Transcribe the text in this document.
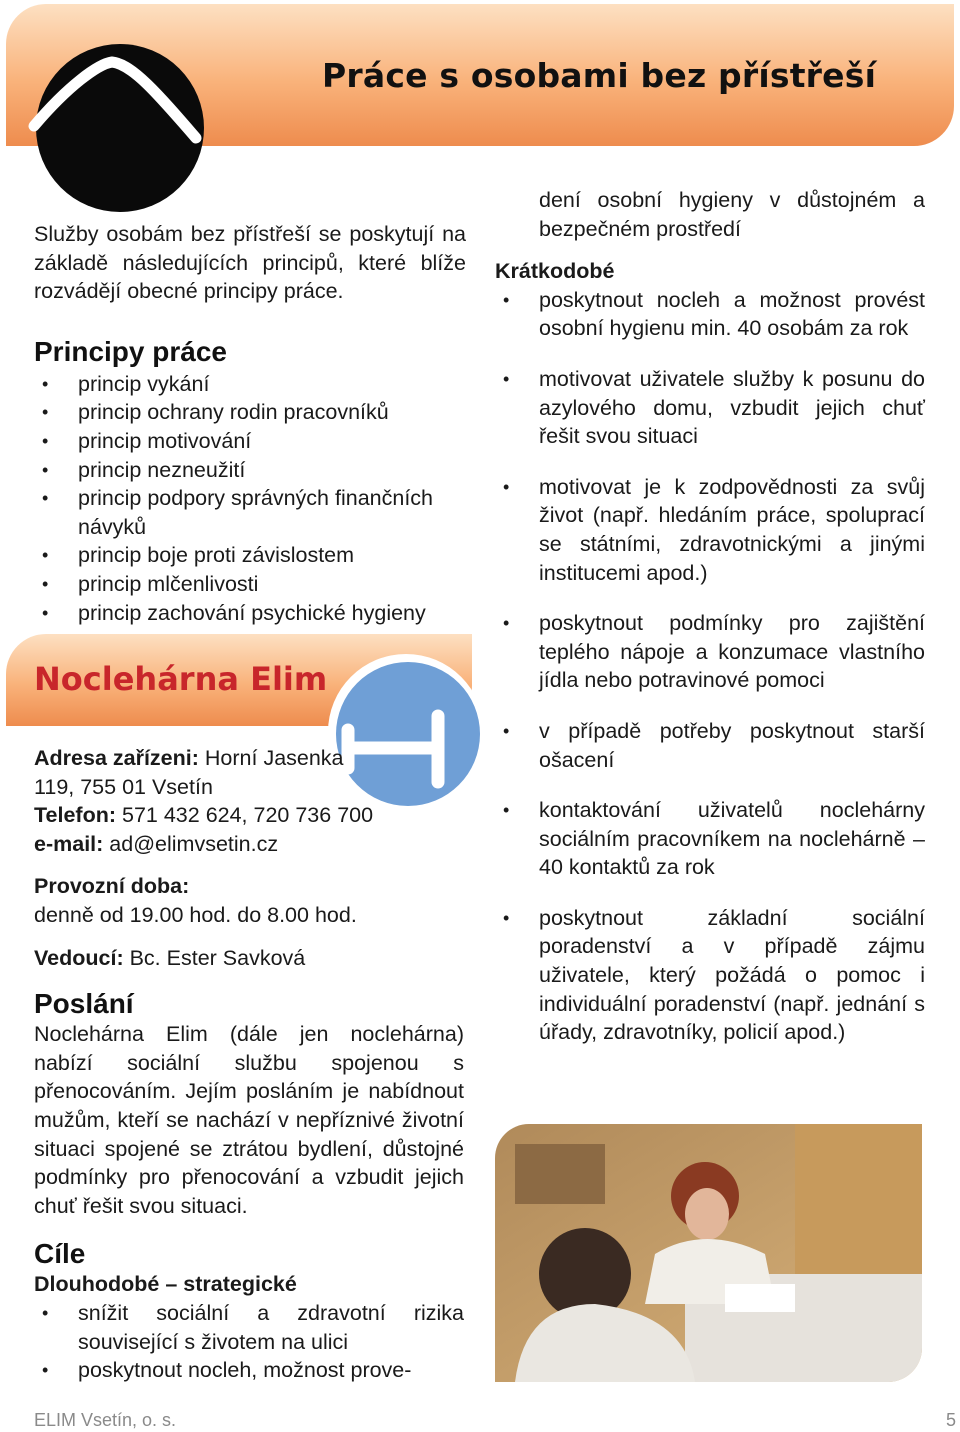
Práce s osobami bez přístřeší

Služby osobám bez přístřeší se poskytují na základě následujících principů, které blíže rozvádějí obecné principy práce.

Principy práce
• princip vykání
• princip ochrany rodin pracovníků
• princip motivování
• princip nezneužití
• princip podpory správných finančních návyků
• princip boje proti závislostem
• princip mlčenlivosti
• princip zachování psychické hygieny
Noclehárna Elim

Adresa zařízeni: Horní Jasenka 119, 755 01 Vsetín

Telefon: 571 432 624, 720 736 700

e-mail: ad@elimvsetin.cz

Provozní doba:

denně od 19.00 hod. do 8.00 hod.

Vedoucí: Bc. Ester Savková

Poslání

Noclehárna Elim (dále jen noclehárna) nabízí sociální službu spojenou s přenocováním. Jejím posláním je nabídnout mužům, kteří se nachází v nepříznivé životní situaci spojené se ztrátou bydlení, důstojné podmínky pro přenocování a vzbudit jejich chuť řešit svou situaci.

Cíle
Dlouhodobé – strategické
• snížit sociální a zdravotní rizika související s životem na ulici
• poskytnout nocleh, možnost prove-

dení osobní hygieny v důstojném a bezpečném prostředí

Krátkodobé
• poskytnout nocleh a možnost provést osobní hygienu min. 40 osobám za rok
• motivovat uživatele služby k posunu do azylového domu, vzbudit jejich chuť řešit svou situaci
• motivovat je k zodpovědnosti za svůj život (např. hledáním práce, spoluprací se státními, zdravotnickými a jinými institucemi apod.)
• poskytnout podmínky pro zajištění teplého nápoje a konzumace vlastního jídla nebo potravinové pomoci
• v případě potřeby poskytnout starší ošacení
• kontaktování uživatelů noclehárny sociálním pracovníkem na noclehárně – 40 kontaktů za rok
• poskytnout základní sociální poradenství a v případě zájmu uživatele, který požádá o pomoc i individuální poradenství (např. jednání s úřady, zdravotníky, policií apod.)
ELIM Vsetín, o. s.	5
